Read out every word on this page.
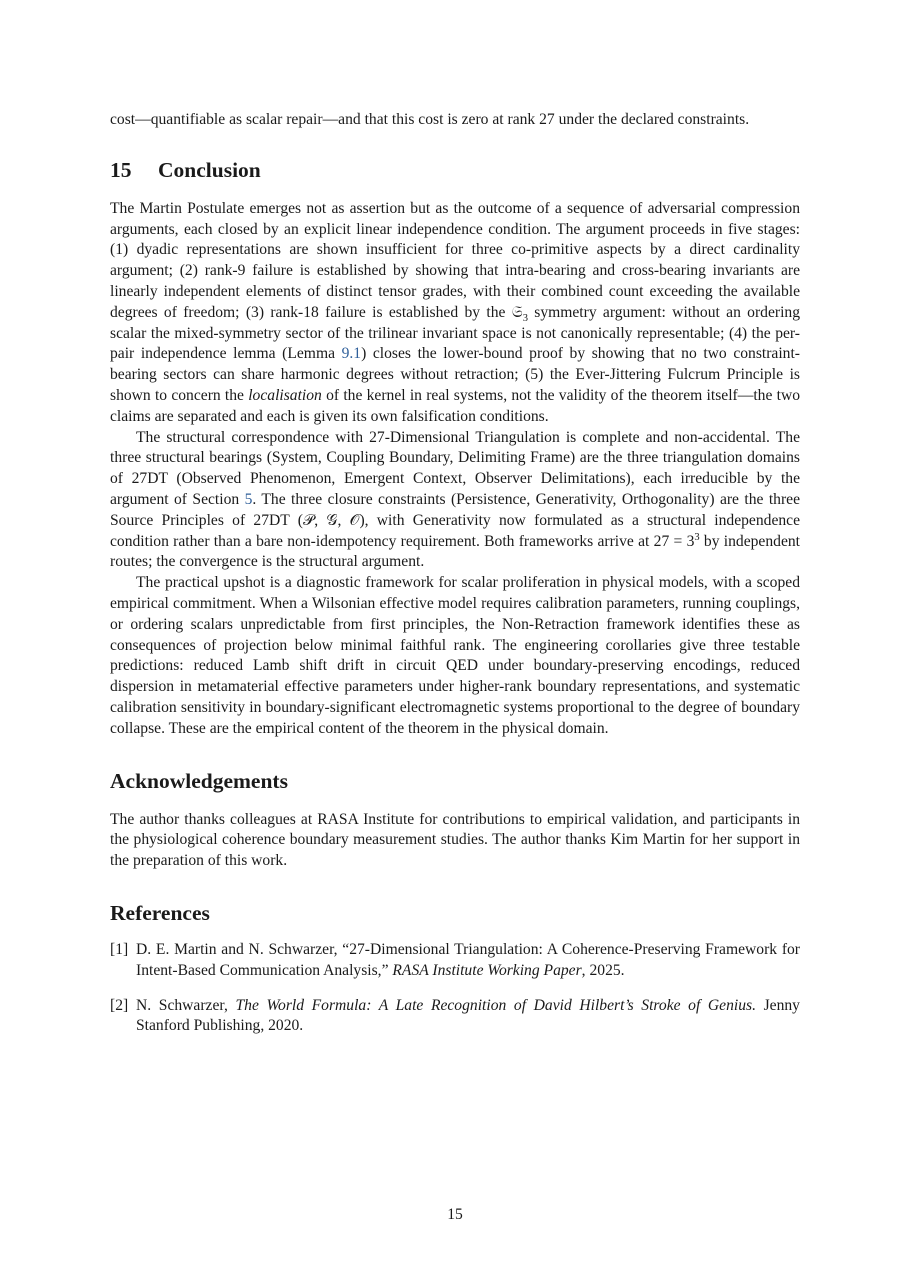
cost—quantifiable as scalar repair—and that this cost is zero at rank 27 under the declared constraints.

15 Conclusion

The Martin Postulate emerges not as assertion but as the outcome of a sequence of adversarial compression arguments, each closed by an explicit linear independence condition. The argument proceeds in five stages: (1) dyadic representations are shown insufficient for three co-primitive aspects by a direct cardinality argument; (2) rank-9 failure is established by showing that intra-bearing and cross-bearing invariants are linearly independent elements of distinct tensor grades, with their combined count exceeding the available degrees of freedom; (3) rank-18 failure is established by the 𝔖$_3$ symmetry argument: without an ordering scalar the mixed-symmetry sector of the trilinear invariant space is not canonically representable; (4) the per-pair independence lemma (Lemma 9.1) closes the lower-bound proof by showing that no two constraint-bearing sectors can share harmonic degrees without retraction; (5) the Ever-Jittering Fulcrum Principle is shown to concern the localisation of the kernel in real systems, not the validity of the theorem itself—the two claims are separated and each is given its own falsification conditions.

The structural correspondence with 27-Dimensional Triangulation is complete and non-accidental. The three structural bearings (System, Coupling Boundary, Delimiting Frame) are the three triangulation domains of 27DT (Observed Phenomenon, Emergent Context, Observer Delimitations), each irreducible by the argument of Section 5. The three closure constraints (Persistence, Generativity, Orthogonality) are the three Source Principles of 27DT (𝒫, 𝒢, 𝒪), with Generativity now formulated as a structural independence condition rather than a bare non-idempotency requirement. Both frameworks arrive at $27 = 3^3$ by independent routes; the convergence is the structural argument.

The practical upshot is a diagnostic framework for scalar proliferation in physical models, with a scoped empirical commitment. When a Wilsonian effective model requires calibration parameters, running couplings, or ordering scalars unpredictable from first principles, the Non-Retraction framework identifies these as consequences of projection below minimal faithful rank. The engineering corollaries give three testable predictions: reduced Lamb shift drift in circuit QED under boundary-preserving encodings, reduced dispersion in metamaterial effective parameters under higher-rank boundary representations, and systematic calibration sensitivity in boundary-significant electromagnetic systems proportional to the degree of boundary collapse. These are the empirical content of the theorem in the physical domain.

Acknowledgements

The author thanks colleagues at RASA Institute for contributions to empirical validation, and participants in the physiological coherence boundary measurement studies. The author thanks Kim Martin for her support in the preparation of this work.

References
[1] D. E. Martin and N. Schwarzer, “27-Dimensional Triangulation: A Coherence-Preserving Framework for Intent-Based Communication Analysis,” RASA Institute Working Paper, 2025.
[2] N. Schwarzer, The World Formula: A Late Recognition of David Hilbert’s Stroke of Genius. Jenny Stanford Publishing, 2020.
15
